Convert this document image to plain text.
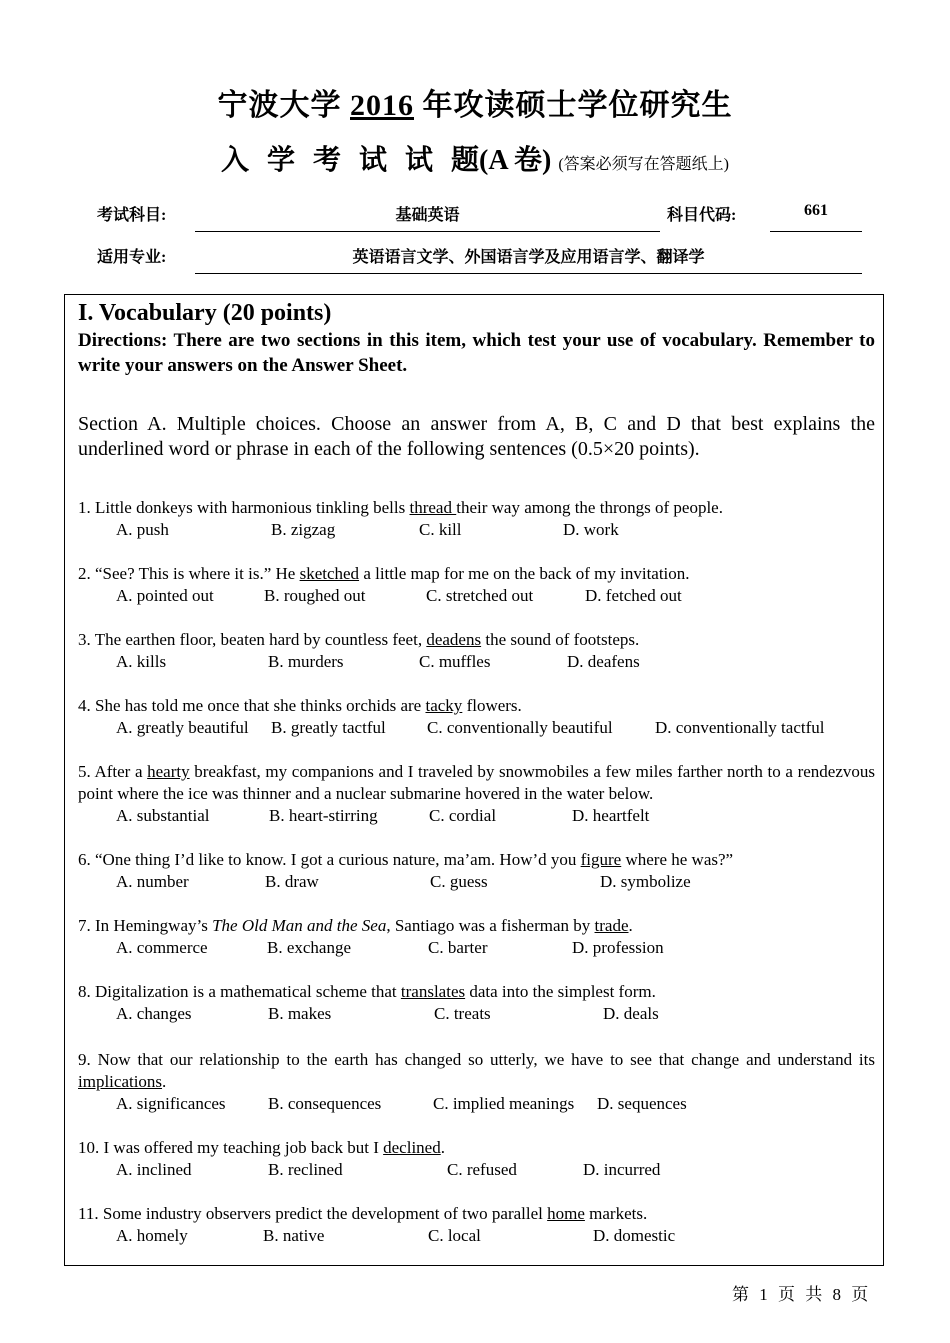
宁波大学 2016 年攻读硕士学位研究生
入学考试试题(A 卷) (答案必须写在答题纸上)
考试科目:	基础英语	科目代码:	661
适用专业:	英语语言文学、外国语言学及应用语言学、翻译学

I. Vocabulary (20 points)

Directions: There are two sections in this item, which test your use of vocabulary. Remember to write your answers on the Answer Sheet.

Section A. Multiple choices. Choose an answer from A, B, C and D that best explains the underlined word or phrase in each of the following sentences (0.5×20 points).

1. Little donkeys with harmonious tinkling bells thread their way among the throngs of people.

A. push	B. zigzag	C. kill	D. work

2. “See? This is where it is.” He sketched a little map for me on the back of my invitation.

A. pointed out	B. roughed out	C. stretched out	D. fetched out

3. The earthen floor, beaten hard by countless feet, deadens the sound of footsteps.

A. kills	B. murders	C. muffles	D. deafens

4. She has told me once that she thinks orchids are tacky flowers.

A. greatly beautiful B. greatly tactful C. conventionally beautiful D. conventionally tactful

5. After a hearty breakfast, my companions and I traveled by snowmobiles a few miles farther north to a rendezvous point where the ice was thinner and a nuclear submarine hovered in the water below.

A. substantial	B. heart-stirring	C. cordial	D. heartfelt

6. “One thing I’d like to know. I got a curious nature, ma’am. How’d you figure where he was?”

A. number	B. draw	C. guess	D. symbolize

7. In Hemingway’s The Old Man and the Sea, Santiago was a fisherman by trade.

A. commerce	B. exchange	C. barter	D. profession

8. Digitalization is a mathematical scheme that translates data into the simplest form.

A. changes	B. makes	C. treats	D. deals

9. Now that our relationship to the earth has changed so utterly, we have to see that change and understand its implications.

A. significances B. consequences	C. implied meanings D. sequences

10. I was offered my teaching job back but I declined.

A. inclined	B. reclined	C. refused	D. incurred

11. Some industry observers predict the development of two parallel home markets.

A. homely	B. native	C. local	D. domestic
第 1 页 共 8 页
